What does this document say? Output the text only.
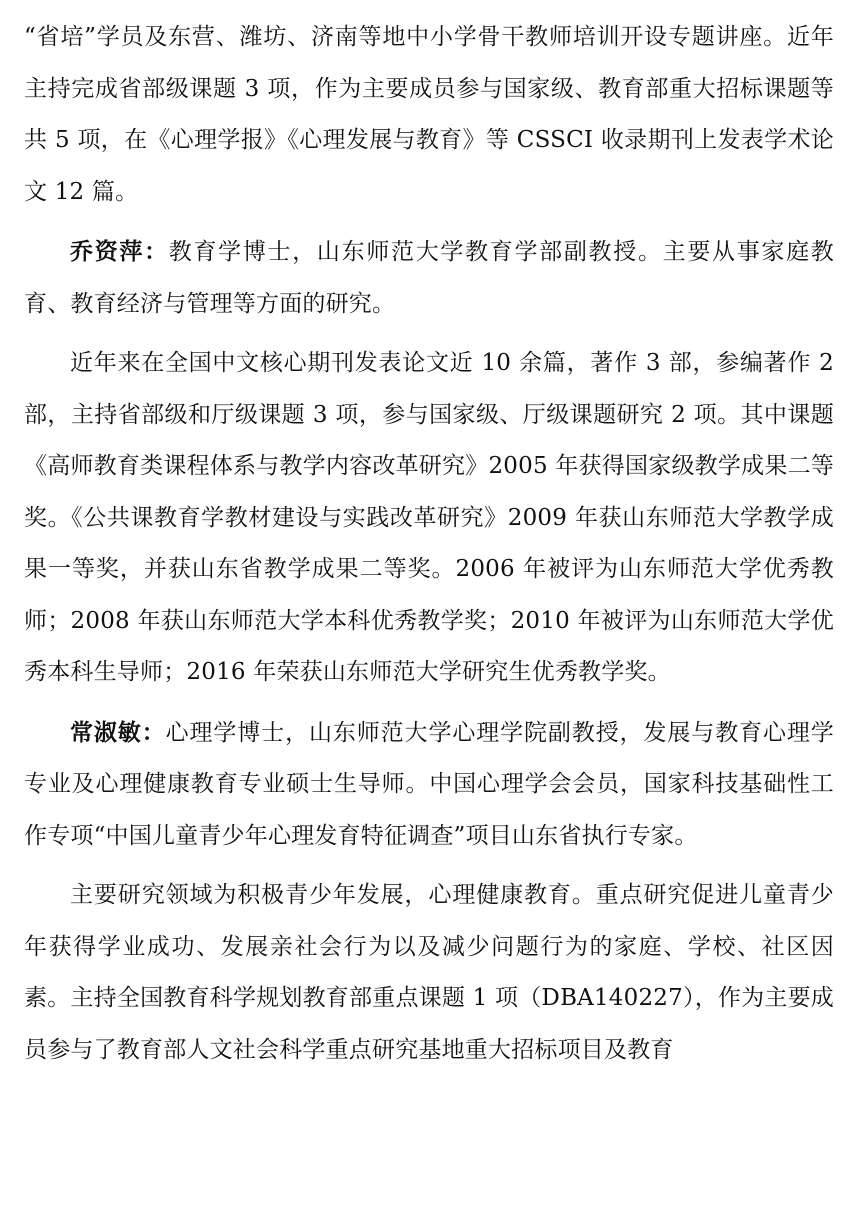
“省培”学员及东营、潍坊、济南等地中小学骨干教师培训开设专题讲座。近年主持完成省部级课题 3 项，作为主要成员参与国家级、教育部重大招标课题等共 5 项，在《心理学报》《心理发展与教育》等 CSSCI 收录期刊上发表学术论文 12 篇。

乔资萍：教育学博士，山东师范大学教育学部副教授。主要从事家庭教育、教育经济与管理等方面的研究。

近年来在全国中文核心期刊发表论文近 10 余篇，著作 3 部，参编著作 2 部，主持省部级和厅级课题 3 项，参与国家级、厅级课题研究 2 项。其中课题《高师教育类课程体系与教学内容改革研究》2005 年获得国家级教学成果二等奖。《公共课教育学教材建设与实践改革研究》2009 年获山东师范大学教学成果一等奖，并获山东省教学成果二等奖。2006 年被评为山东师范大学优秀教师；2008 年获山东师范大学本科优秀教学奖；2010 年被评为山东师范大学优秀本科生导师；2016 年荣获山东师范大学研究生优秀教学奖。

常淑敏：心理学博士，山东师范大学心理学院副教授，发展与教育心理学专业及心理健康教育专业硕士生导师。中国心理学会会员，国家科技基础性工作专项“中国儿童青少年心理发育特征调查”项目山东省执行专家。

主要研究领域为积极青少年发展，心理健康教育。重点研究促进儿童青少年获得学业成功、发展亲社会行为以及减少问题行为的家庭、学校、社区因素。主持全国教育科学规划教育部重点课题 1 项（DBA140227），作为主要成员参与了教育部人文社会科学重点研究基地重大招标项目及教育
